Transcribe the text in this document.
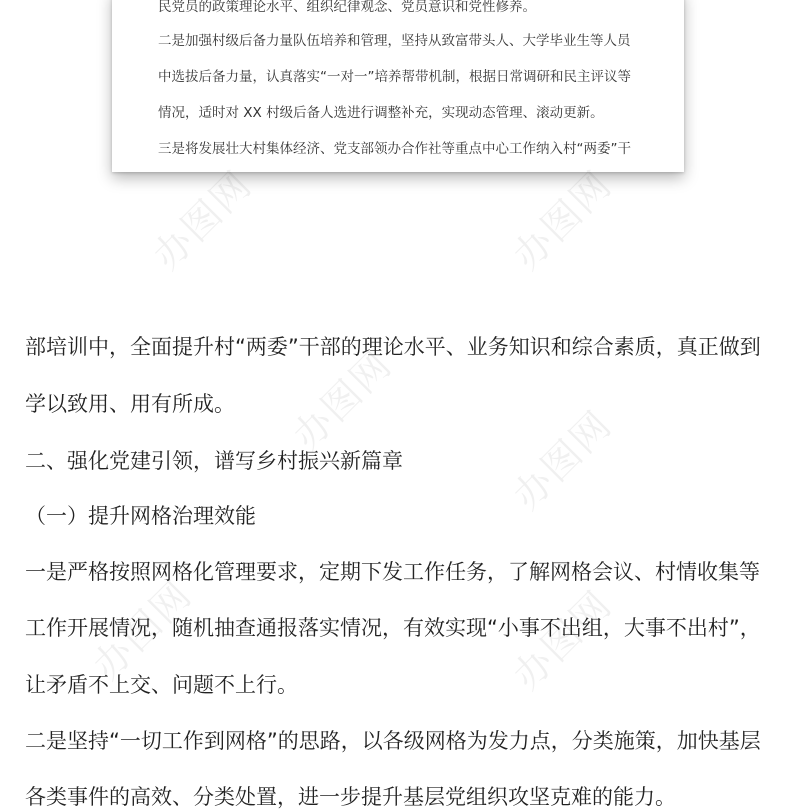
民党员的政策理论水平、组织纪律观念、党员意识和党性修养。
二是加强村级后备力量队伍培养和管理，坚持从致富带头人、大学毕业生等人员
中选拔后备力量，认真落实“一对一”培养帮带机制，根据日常调研和民主评议等
情况，适时对 XX 村级后备人选进行调整补充，实现动态管理、滚动更新。
三是将发展壮大村集体经济、党支部领办合作社等重点中心工作纳入村“两委”干
办图网	办图网
办图网
办图网
办图网	办图网
部培训中，全面提升村“两委”干部的理论水平、业务知识和综合素质，真正做到
学以致用、用有所成。
二、强化党建引领，谱写乡村振兴新篇章
（一）提升网格治理效能
一是严格按照网格化管理要求，定期下发工作任务，了解网格会议、村情收集等
工作开展情况，随机抽查通报落实情况，有效实现“小事不出组，大事不出村”，
让矛盾不上交、问题不上行。
二是坚持“一切工作到网格”的思路，以各级网格为发力点，分类施策，加快基层
各类事件的高效、分类处置，进一步提升基层党组织攻坚克难的能力。
